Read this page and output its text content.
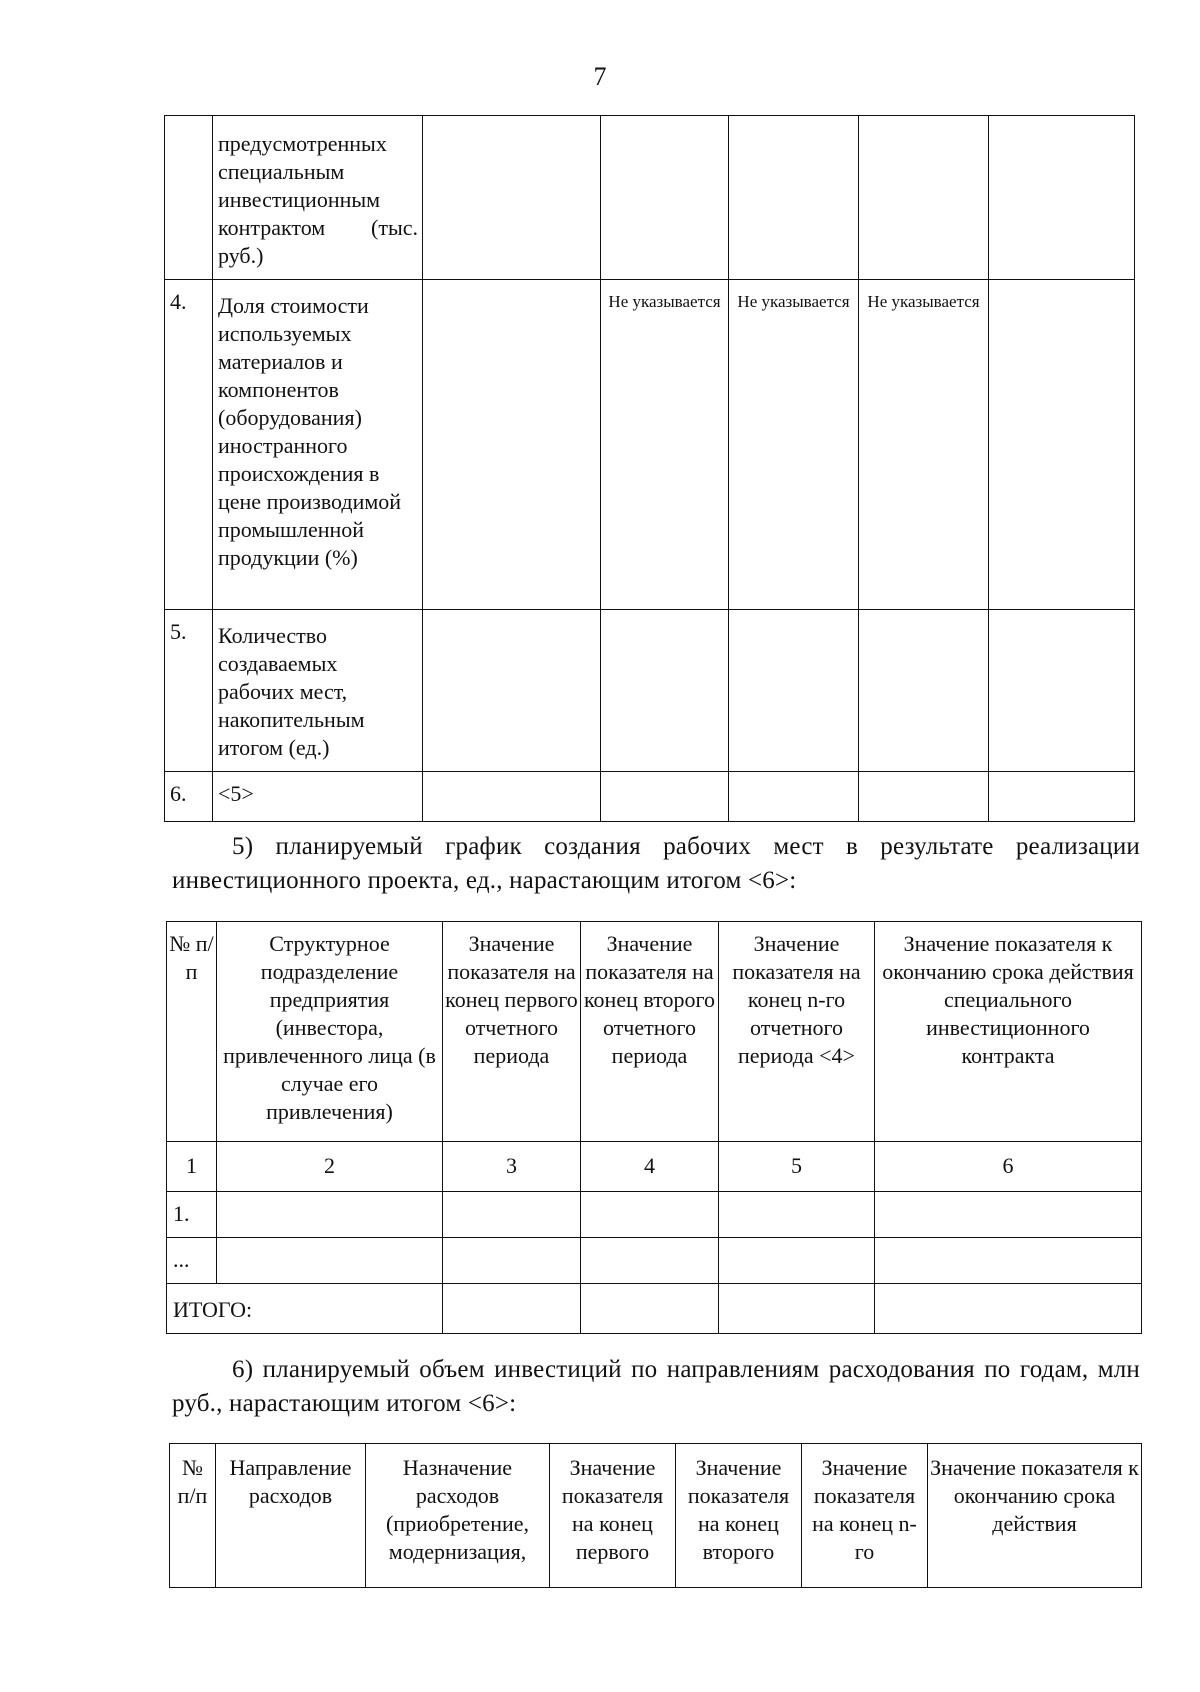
7
	предусмотренных специальным инвестиционным контрактом (тыс. руб.)					
4.	Доля стоимости используемых материалов и компонентов (оборудования) иностранного происхождения в цене производимой промышленной продукции (%)		Не указывается	Не указывается	Не указывается	
5.	Количество создаваемых рабочих мест, накопительным итогом (ед.)					
6.	<5>					

5) планируемый график создания рабочих мест в результате реализации инвестиционного проекта, ед., нарастающим итогом <6>:

№ п/п	Структурное подразделение предприятия (инвестора, привлеченного лица (в случае его привлечения)	Значение показателя на конец первого отчетного периода	Значение показателя на конец второго отчетного периода	Значение показателя на конец n-го отчетного периода <4>	Значение показателя к окончанию срока действия специального инвестиционного контракта
1	2	3	4	5	6
1.					
...					
ИТОГО:					

6) планируемый объем инвестиций по направлениям расходования по годам, млн руб., нарастающим итогом <6>:

№ п/п	Направление расходов	Назначение расходов (приобретение, модернизация,	Значение показателя на конец первого	Значение показателя на конец второго	Значение показателя на конец n-го	Значение показателя к окончанию срока действия
